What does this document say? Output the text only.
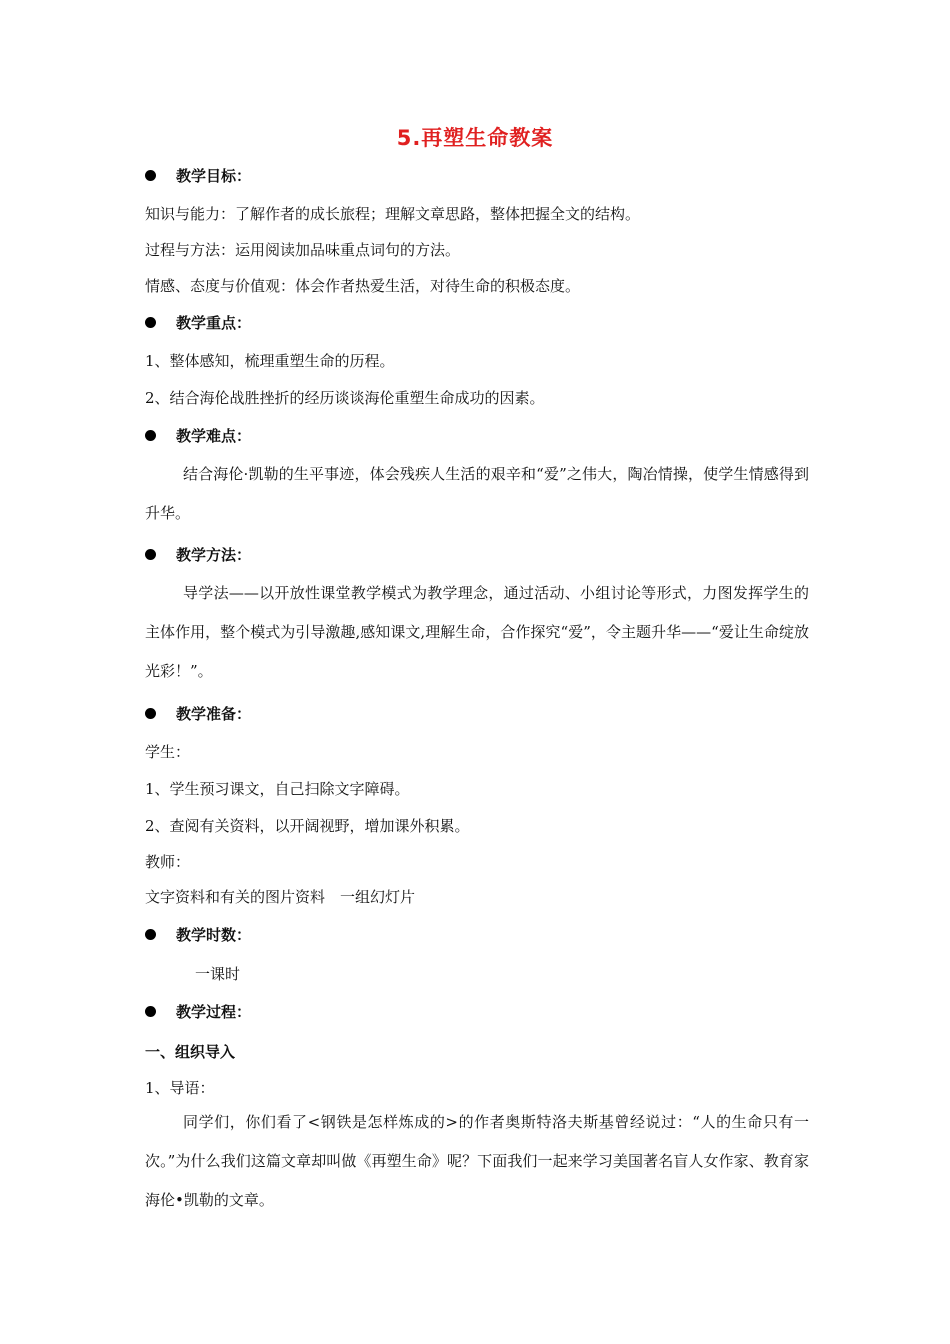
5.再塑生命教案
教学目标：
知识与能力：了解作者的成长旅程；理解文章思路，整体把握全文的结构。
过程与方法：运用阅读加品味重点词句的方法。
情感、态度与价值观：体会作者热爱生活，对待生命的积极态度。
教学重点：
1、整体感知，梳理重塑生命的历程。
2、结合海伦战胜挫折的经历谈谈海伦重塑生命成功的因素。
教学难点：
结合海伦·凯勒的生平事迹，体会残疾人生活的艰辛和“爱”之伟大，陶冶情操，使学生情感得到升华。
教学方法：
导学法——以开放性课堂教学模式为教学理念，通过活动、小组讨论等形式，力图发挥学生的主体作用，整个模式为引导激趣,感知课文,理解生命，合作探究“爱”，令主题升华——“爱让生命绽放光彩！”。
教学准备：
学生：
1、学生预习课文，自己扫除文字障碍。
2、查阅有关资料，以开阔视野，增加课外积累。
教师：
文字资料和有关的图片资料　一组幻灯片
教学时数：
一课时
教学过程：
一、组织导入
1、导语：
同学们，你们看了<钢铁是怎样炼成的>的作者奥斯特洛夫斯基曾经说过：“人的生命只有一次。”为什么我们这篇文章却叫做《再塑生命》呢？下面我们一起来学习美国著名盲人女作家、教育家海伦•凯勒的文章。
